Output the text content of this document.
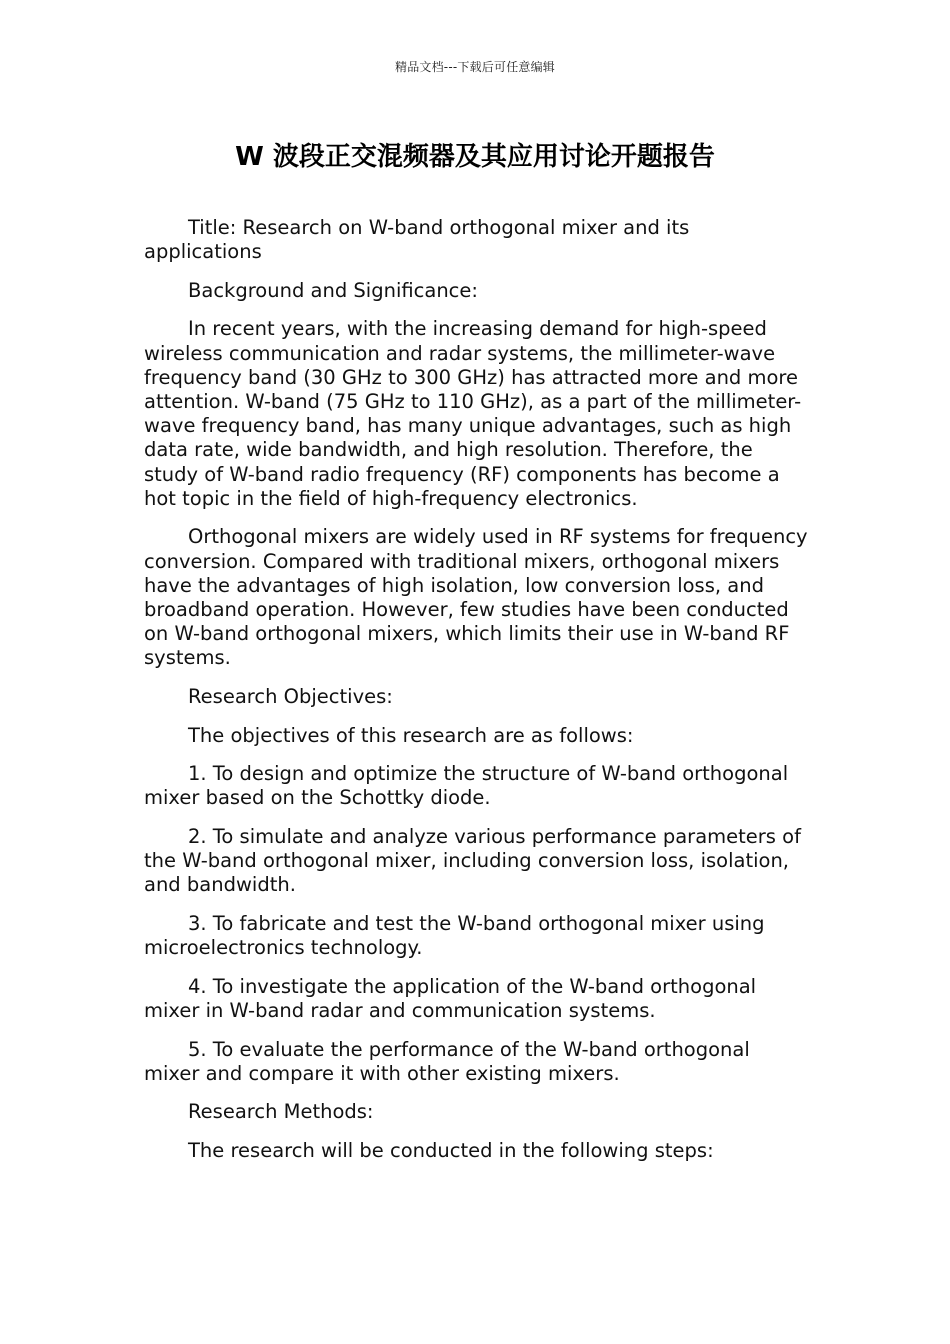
精品文档---下载后可任意编辑
W 波段正交混频器及其应用讨论开题报告

Title: Research on W-band orthogonal mixer and its applications

Background and Significance:

In recent years, with the increasing demand for high-speed wireless communication and radar systems, the millimeter-wave frequency band (30 GHz to 300 GHz) has attracted more and more attention. W-band (75 GHz to 110 GHz), as a part of the millimeter-wave frequency band, has many unique advantages, such as high data rate, wide bandwidth, and high resolution. Therefore, the study of W-band radio frequency (RF) components has become a hot topic in the field of high-frequency electronics.

Orthogonal mixers are widely used in RF systems for frequency conversion. Compared with traditional mixers, orthogonal mixers have the advantages of high isolation, low conversion loss, and broadband operation. However, few studies have been conducted on W-band orthogonal mixers, which limits their use in W-band RF systems.

Research Objectives:

The objectives of this research are as follows:

1. To design and optimize the structure of W-band orthogonal mixer based on the Schottky diode.

2. To simulate and analyze various performance parameters of the W-band orthogonal mixer, including conversion loss, isolation, and bandwidth.

3. To fabricate and test the W-band orthogonal mixer using microelectronics technology.

4. To investigate the application of the W-band orthogonal mixer in W-band radar and communication systems.

5. To evaluate the performance of the W-band orthogonal mixer and compare it with other existing mixers.

Research Methods:

The research will be conducted in the following steps:
